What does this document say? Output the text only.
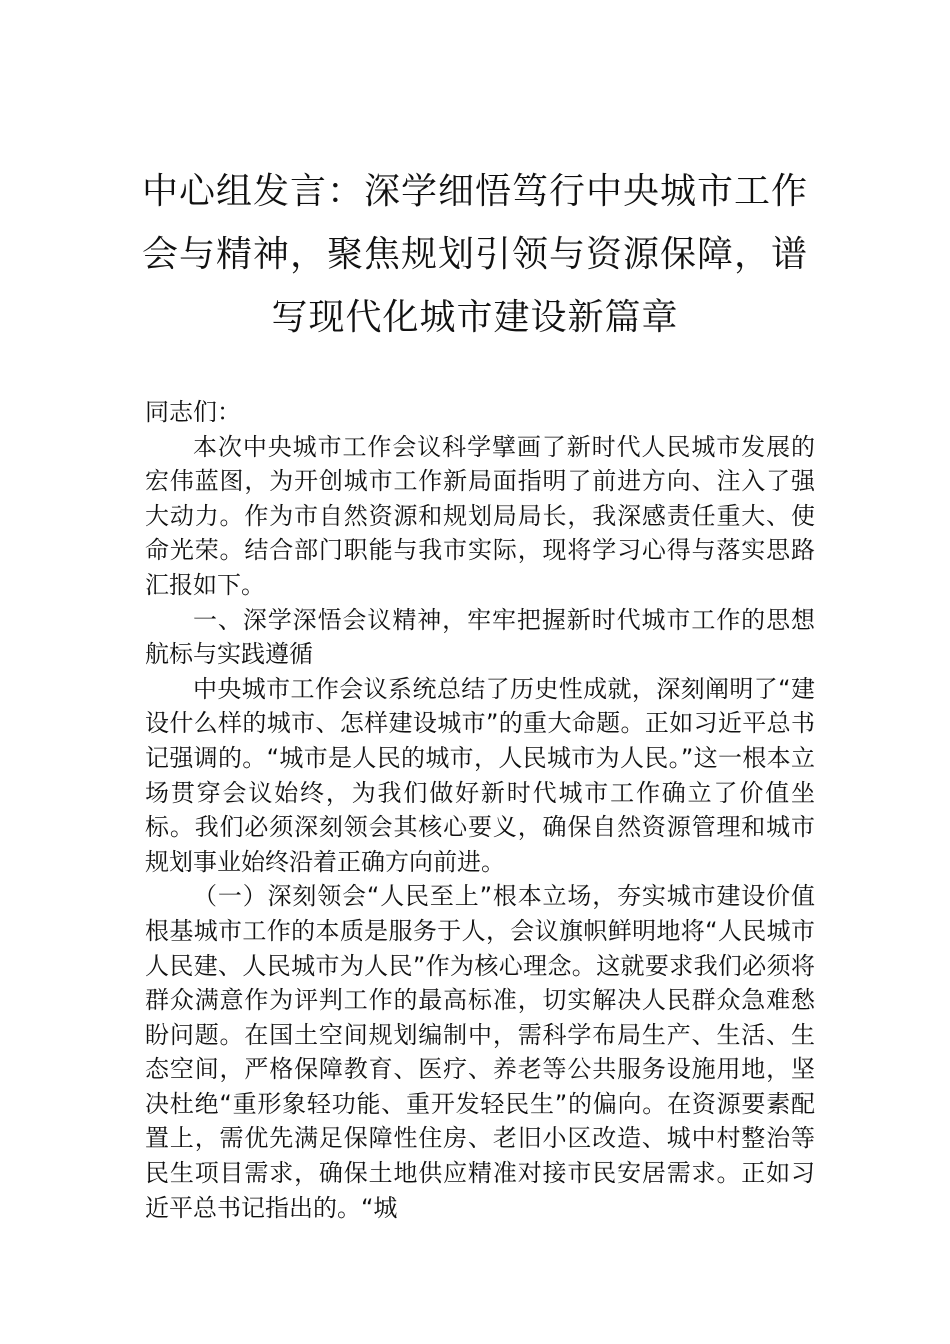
中心组发言：深学细悟笃行中央城市工作
会与精神，聚焦规划引领与资源保障，谱
写现代化城市建设新篇章

同志们：

本次中央城市工作会议科学擘画了新时代人民城市发展的宏伟蓝图，为开创城市工作新局面指明了前进方向、注入了强大动力。作为市自然资源和规划局局长，我深感责任重大、使命光荣。结合部门职能与我市实际，现将学习心得与落实思路汇报如下。

一、深学深悟会议精神，牢牢把握新时代城市工作的思想航标与实践遵循

中央城市工作会议系统总结了历史性成就，深刻阐明了“建设什么样的城市、怎样建设城市”的重大命题。正如习近平总书记强调的。“城市是人民的城市，人民城市为人民。”这一根本立场贯穿会议始终，为我们做好新时代城市工作确立了价值坐标。我们必须深刻领会其核心要义，确保自然资源管理和城市规划事业始终沿着正确方向前进。

（一）深刻领会“人民至上”根本立场，夯实城市建设价值根基城市工作的本质是服务于人，会议旗帜鲜明地将“人民城市人民建、人民城市为人民”作为核心理念。这就要求我们必须将群众满意作为评判工作的最高标准，切实解决人民群众急难愁盼问题。在国土空间规划编制中，需科学布局生产、生活、生态空间，严格保障教育、医疗、养老等公共服务设施用地，坚决杜绝“重形象轻功能、重开发轻民生”的偏向。在资源要素配置上，需优先满足保障性住房、老旧小区改造、城中村整治等民生项目需求，确保土地供应精准对接市民安居需求。正如习近平总书记指出的。“城
